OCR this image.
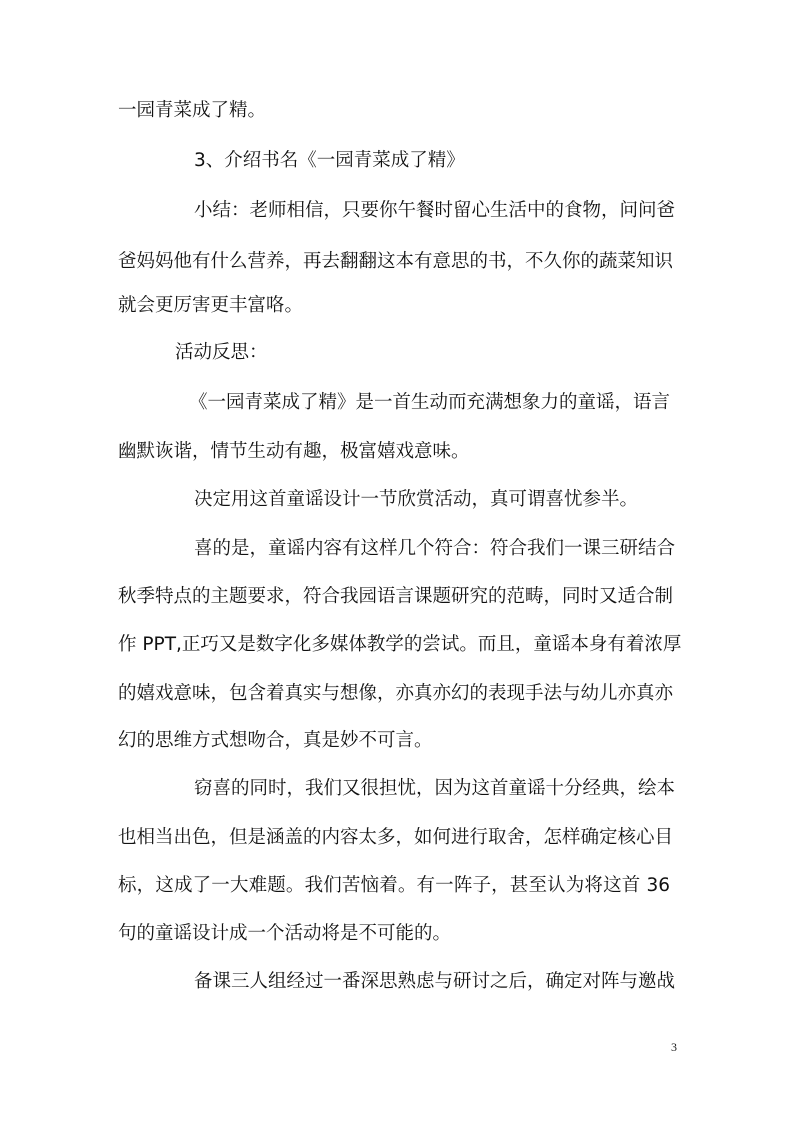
一园青菜成了精。
3、介绍书名《一园青菜成了精》
小结：老师相信，只要你午餐时留心生活中的食物，问问爸
爸妈妈他有什么营养，再去翻翻这本有意思的书，不久你的蔬菜知识
就会更厉害更丰富咯。
活动反思：
《一园青菜成了精》是一首生动而充满想象力的童谣，语言
幽默诙谐，情节生动有趣，极富嬉戏意味。
决定用这首童谣设计一节欣赏活动，真可谓喜忧参半。
喜的是，童谣内容有这样几个符合：符合我们一课三研结合
秋季特点的主题要求，符合我园语言课题研究的范畴，同时又适合制
作 PPT,正巧又是数字化多媒体教学的尝试。而且，童谣本身有着浓厚
的嬉戏意味，包含着真实与想像，亦真亦幻的表现手法与幼儿亦真亦
幻的思维方式想吻合，真是妙不可言。
窃喜的同时，我们又很担忧，因为这首童谣十分经典，绘本
也相当出色，但是涵盖的内容太多，如何进行取舍，怎样确定核心目
标，这成了一大难题。我们苦恼着。有一阵子，甚至认为将这首 36
句的童谣设计成一个活动将是不可能的。
备课三人组经过一番深思熟虑与研讨之后，确定对阵与邀战
3
